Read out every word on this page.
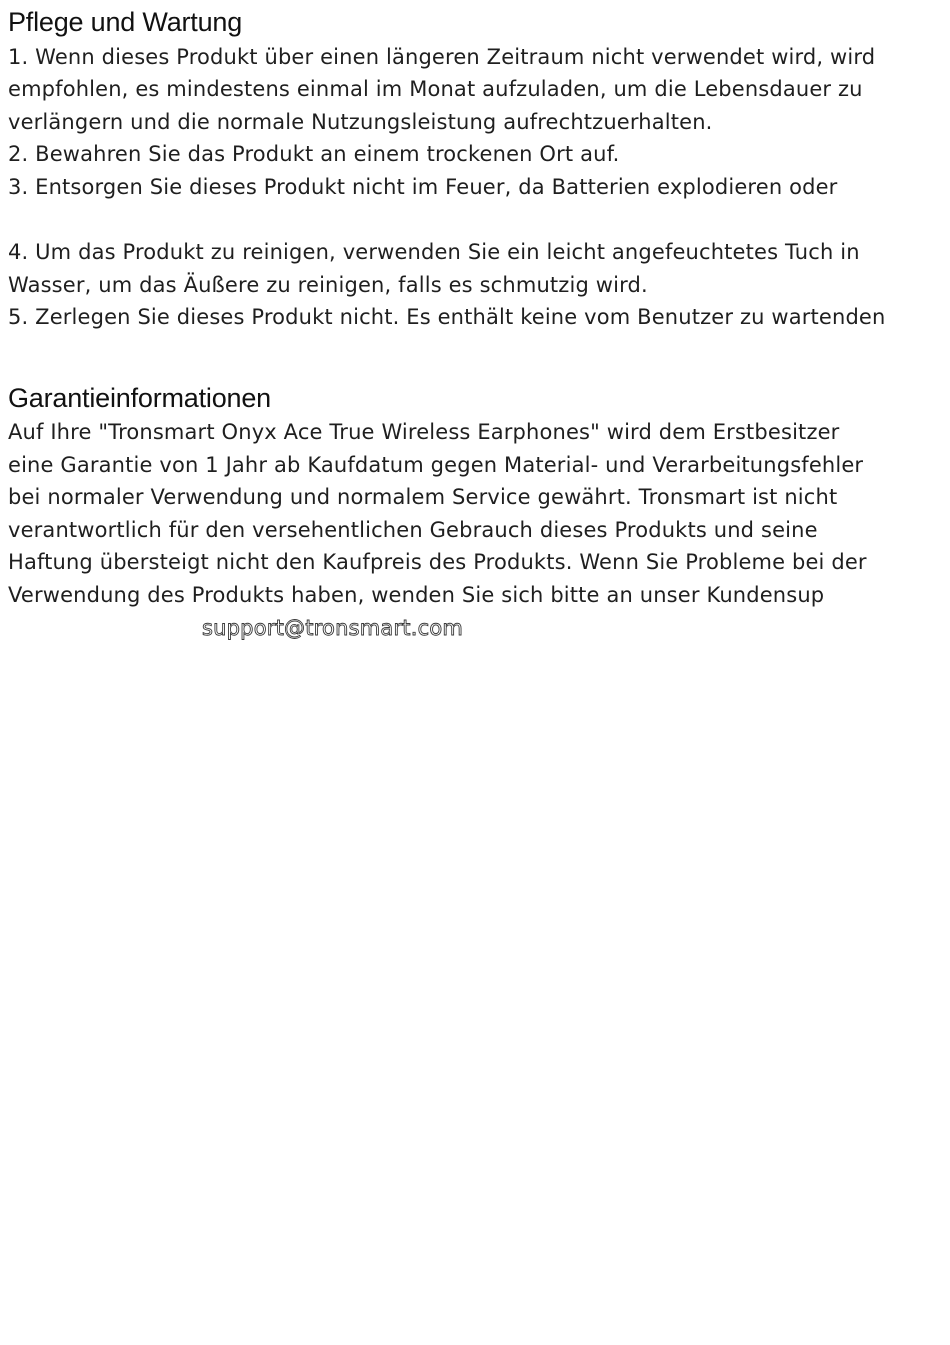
Pflege und Wartung

1. Wenn dieses Produkt über einen längeren Zeitraum nicht verwendet wird, wird

empfohlen, es mindestens einmal im Monat aufzuladen, um die Lebensdauer zu

verlängern und die normale Nutzungsleistung aufrechtzuerhalten.

2. Bewahren Sie das Produkt an einem trockenen Ort auf.

3. Entsorgen Sie dieses Produkt nicht im Feuer, da Batterien explodieren oder

4. Um das Produkt zu reinigen, verwenden Sie ein leicht angefeuchtetes Tuch in

Wasser, um das Äußere zu reinigen, falls es schmutzig wird.

5. Zerlegen Sie dieses Produkt nicht. Es enthält keine vom Benutzer zu wartenden

Garantieinformationen

Auf Ihre "Tronsmart Onyx Ace True Wireless Earphones" wird dem Erstbesitzer

eine Garantie von 1 Jahr ab Kaufdatum gegen Material- und Verarbeitungsfehler

bei normaler Verwendung und normalem Service gewährt. Tronsmart ist nicht

verantwortlich für den versehentlichen Gebrauch dieses Produkts und seine

Haftung übersteigt nicht den Kaufpreis des Produkts. Wenn Sie Probleme bei der

Verwendung des Produkts haben, wenden Sie sich bitte an unser Kundensup

support@tronsmart.com
